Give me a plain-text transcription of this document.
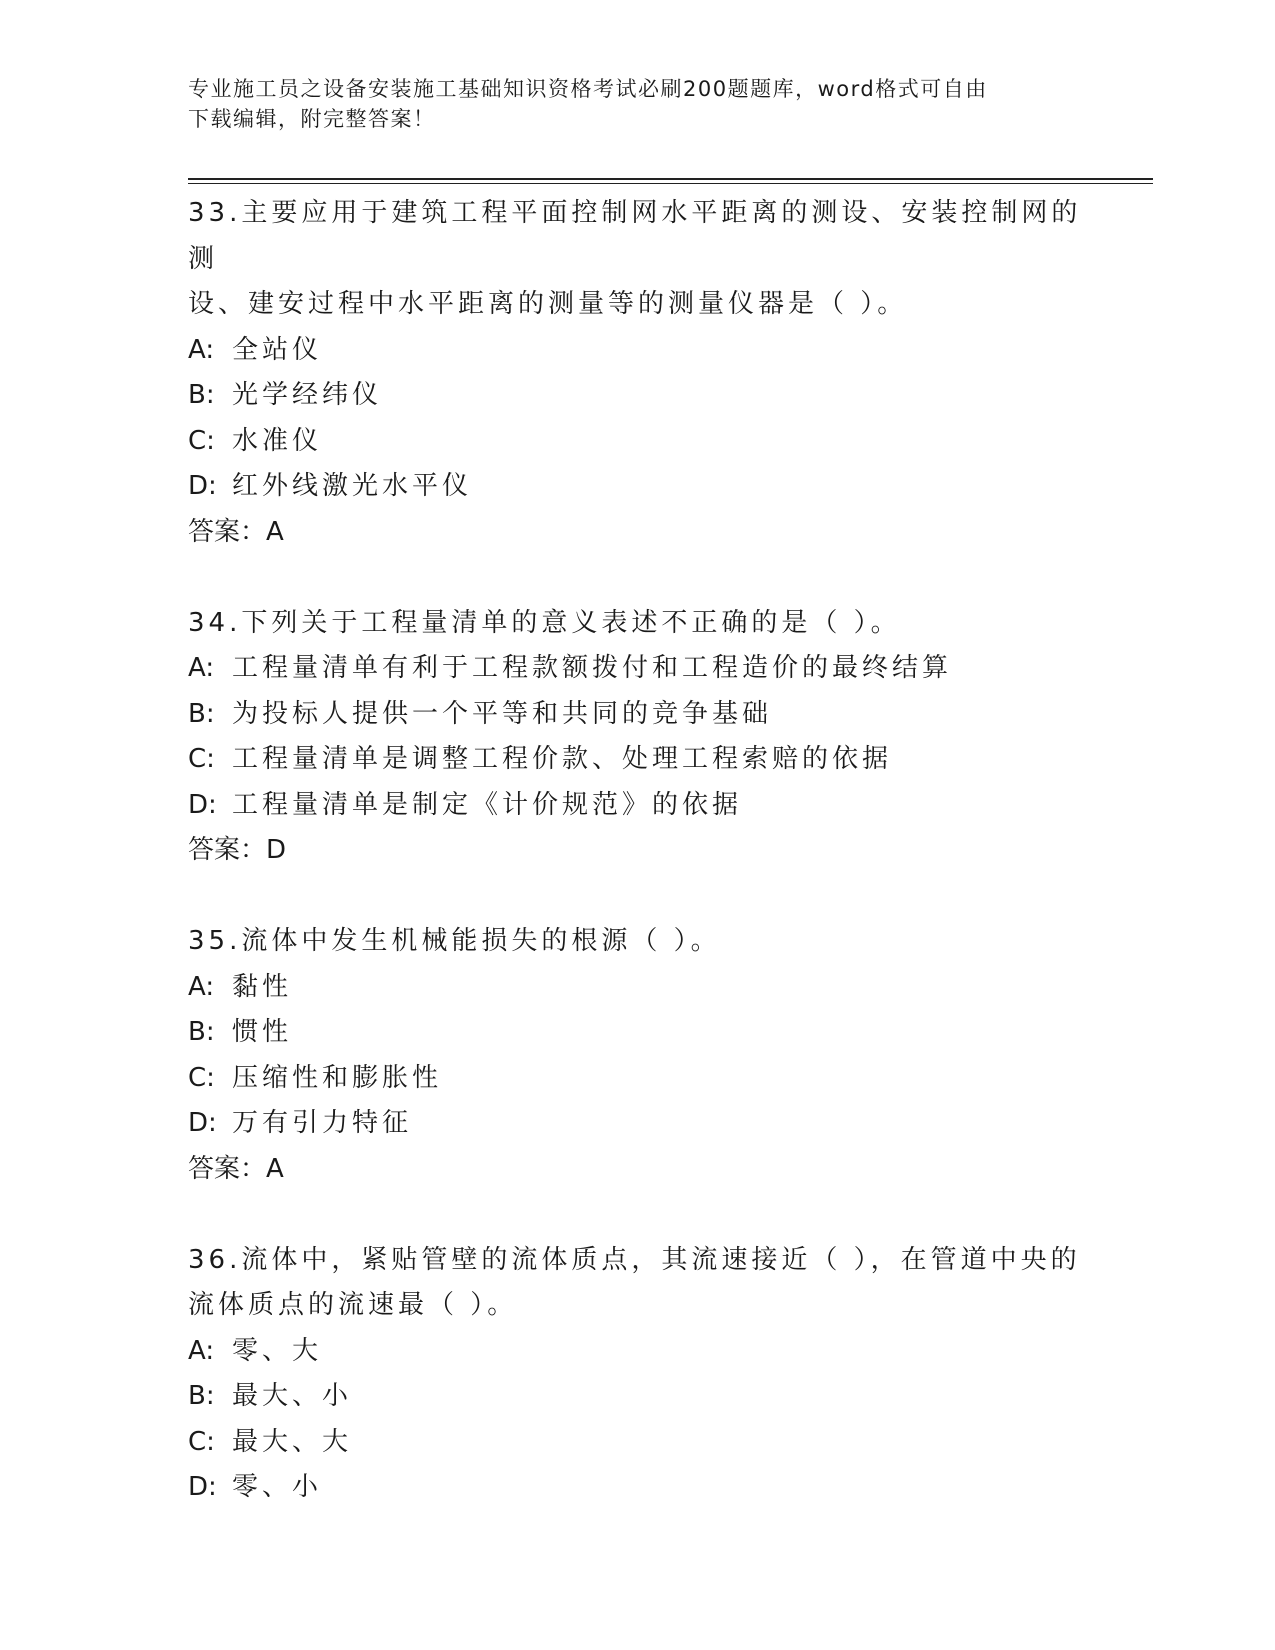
专业施工员之设备安装施工基础知识资格考试必刷200题题库，word格式可自由
下载编辑，附完整答案！

33.主要应用于建筑工程平面控制网水平距离的测设、安装控制网的测

设、建安过程中水平距离的测量等的测量仪器是（ ）。

A: 全站仪

B: 光学经纬仪

C: 水准仪

D: 红外线激光水平仪

答案：A

34.下列关于工程量清单的意义表述不正确的是（ ）。

A: 工程量清单有利于工程款额拨付和工程造价的最终结算

B: 为投标人提供一个平等和共同的竞争基础

C: 工程量清单是调整工程价款、处理工程索赔的依据

D: 工程量清单是制定《计价规范》的依据

答案：D

35.流体中发生机械能损失的根源（ ）。

A: 黏性

B: 惯性

C: 压缩性和膨胀性

D: 万有引力特征

答案：A

36.流体中，紧贴管壁的流体质点，其流速接近（ ），在管道中央的

流体质点的流速最（ ）。

A: 零、大

B: 最大、小

C: 最大、大

D: 零、小
